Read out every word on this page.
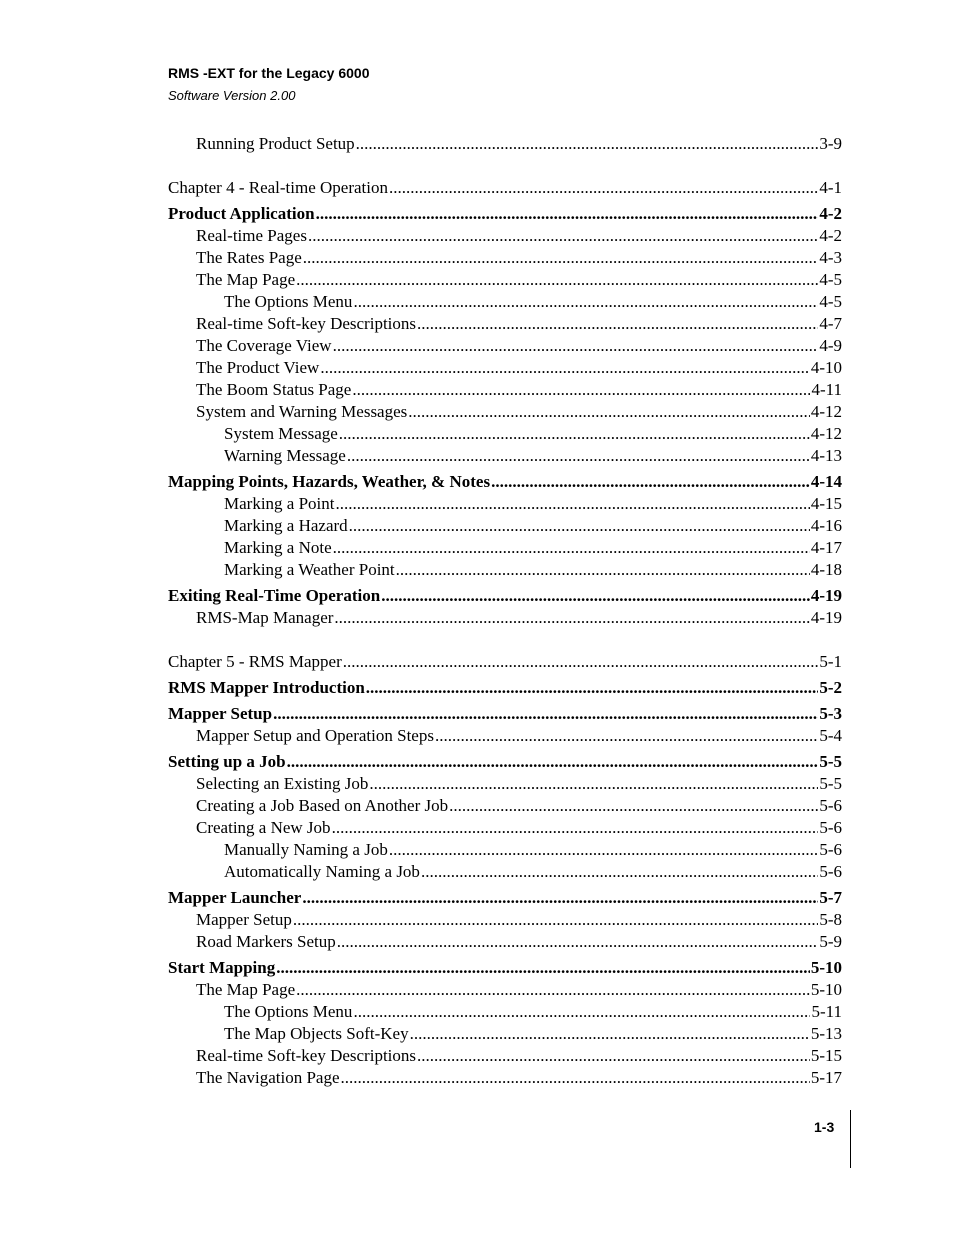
RMS -EXT for the Legacy 6000
Software Version 2.00
Running Product Setup .....	3-9
Chapter 4 - Real-time Operation .....	4-1
Product Application .....	4-2
Real-time Pages .....	4-2
The Rates Page .....	4-3
The Map Page .....	4-5
The Options Menu .....	4-5
Real-time Soft-key Descriptions .....	4-7
The Coverage View .....	4-9
The Product View .....	4-10
The Boom Status Page .....	4-11
System and Warning Messages .....	4-12
System Message .....	4-12
Warning Message .....	4-13
Mapping Points, Hazards, Weather, & Notes .....	4-14
Marking a Point .....	4-15
Marking a Hazard .....	4-16
Marking a Note .....	4-17
Marking a Weather Point .....	4-18
Exiting Real-Time Operation .....	4-19
RMS-Map Manager .....	4-19
Chapter 5 - RMS Mapper .....	5-1
RMS Mapper Introduction .....	5-2
Mapper Setup .....	5-3
Mapper Setup and Operation Steps .....	5-4
Setting up a Job .....	5-5
Selecting an Existing Job .....	5-5
Creating a Job Based on Another Job .....	5-6
Creating a New Job .....	5-6
Manually Naming a Job .....	5-6
Automatically Naming a Job .....	5-6
Mapper Launcher .....	5-7
Mapper Setup .....	5-8
Road Markers Setup .....	5-9
Start Mapping .....	5-10
The Map Page .....	5-10
The Options Menu .....	5-11
The Map Objects Soft-Key .....	5-13
Real-time Soft-key Descriptions .....	5-15
The Navigation Page .....	5-17
1-3
